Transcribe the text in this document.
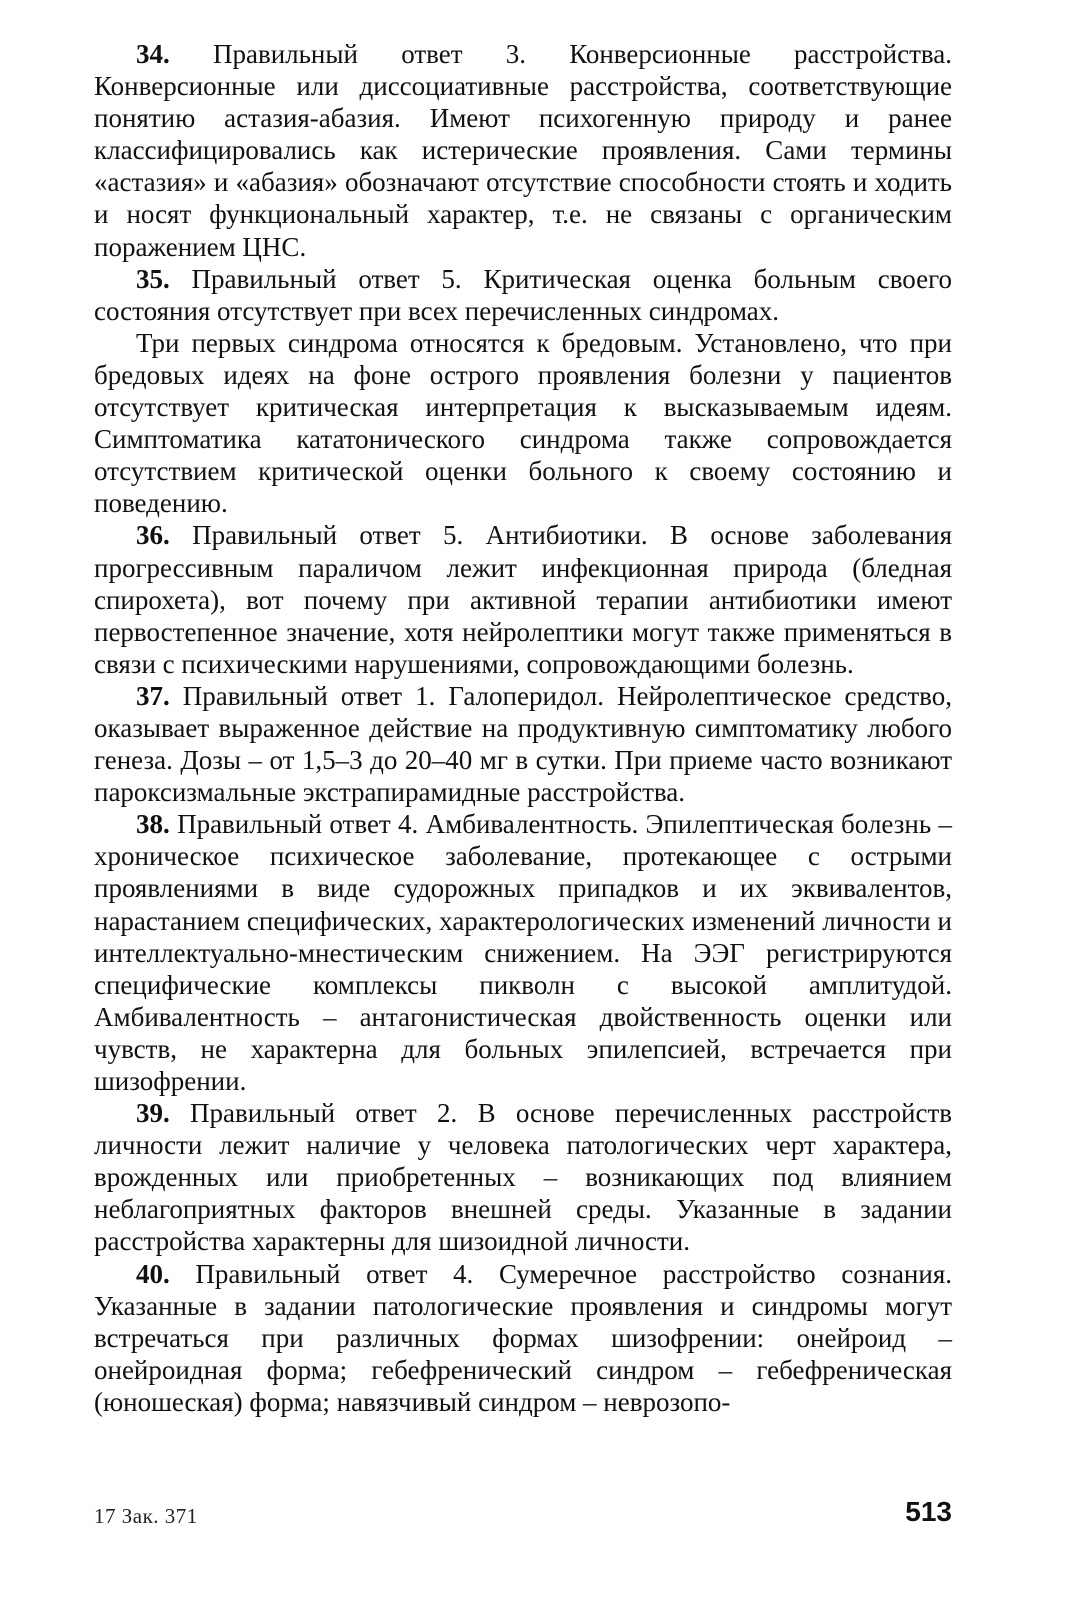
34. Правильный ответ 3. Конверсионные расстройства. Конверсионные или диссоциативные расстройства, соответствующие понятию астазия-абазия. Имеют психогенную природу и ранее классифицировались как истерические проявления. Сами термины «астазия» и «абазия» обозначают отсутствие способности стоять и ходить и носят функциональный характер, т.е. не связаны с органическим поражением ЦНС.

35. Правильный ответ 5. Критическая оценка больным своего состояния отсутствует при всех перечисленных синдромах.

Три первых синдрома относятся к бредовым. Установлено, что при бредовых идеях на фоне острого проявления болезни у пациентов отсутствует критическая интерпретация к высказываемым идеям. Симптоматика кататонического синдрома также сопровождается отсутствием критической оценки больного к своему состоянию и поведению.

36. Правильный ответ 5. Антибиотики. В основе заболевания прогрессивным параличом лежит инфекционная природа (бледная спирохета), вот почему при активной терапии антибиотики имеют первостепенное значение, хотя нейролептики могут также применяться в связи с психическими нарушениями, сопровождающими болезнь.

37. Правильный ответ 1. Галоперидол. Нейролептическое средство, оказывает выраженное действие на продуктивную симптоматику любого генеза. Дозы – от 1,5–3 до 20–40 мг в сутки. При приеме часто возникают пароксизмальные экстрапирамидные расстройства.

38. Правильный ответ 4. Амбивалентность. Эпилептическая болезнь – хроническое психическое заболевание, протекающее с острыми проявлениями в виде судорожных припадков и их эквивалентов, нарастанием специфических, характерологических изменений личности и интеллектуально-мнестическим снижением. На ЭЭГ регистрируются специфические комплексы пикволн с высокой амплитудой. Амбивалентность – антагонистическая двойственность оценки или чувств, не характерна для больных эпилепсией, встречается при шизофрении.

39. Правильный ответ 2. В основе перечисленных расстройств личности лежит наличие у человека патологических черт характера, врожденных или приобретенных – возникающих под влиянием неблагоприятных факторов внешней среды. Указанные в задании расстройства характерны для шизоидной личности.

40. Правильный ответ 4. Сумеречное расстройство сознания. Указанные в задании патологические проявления и синдромы могут встречаться при различных формах шизофрении: онейроид – онейроидная форма; гебефренический синдром – гебефреническая (юношеская) форма; навязчивый синдром – неврозопо-

17 Зак. 371	513
